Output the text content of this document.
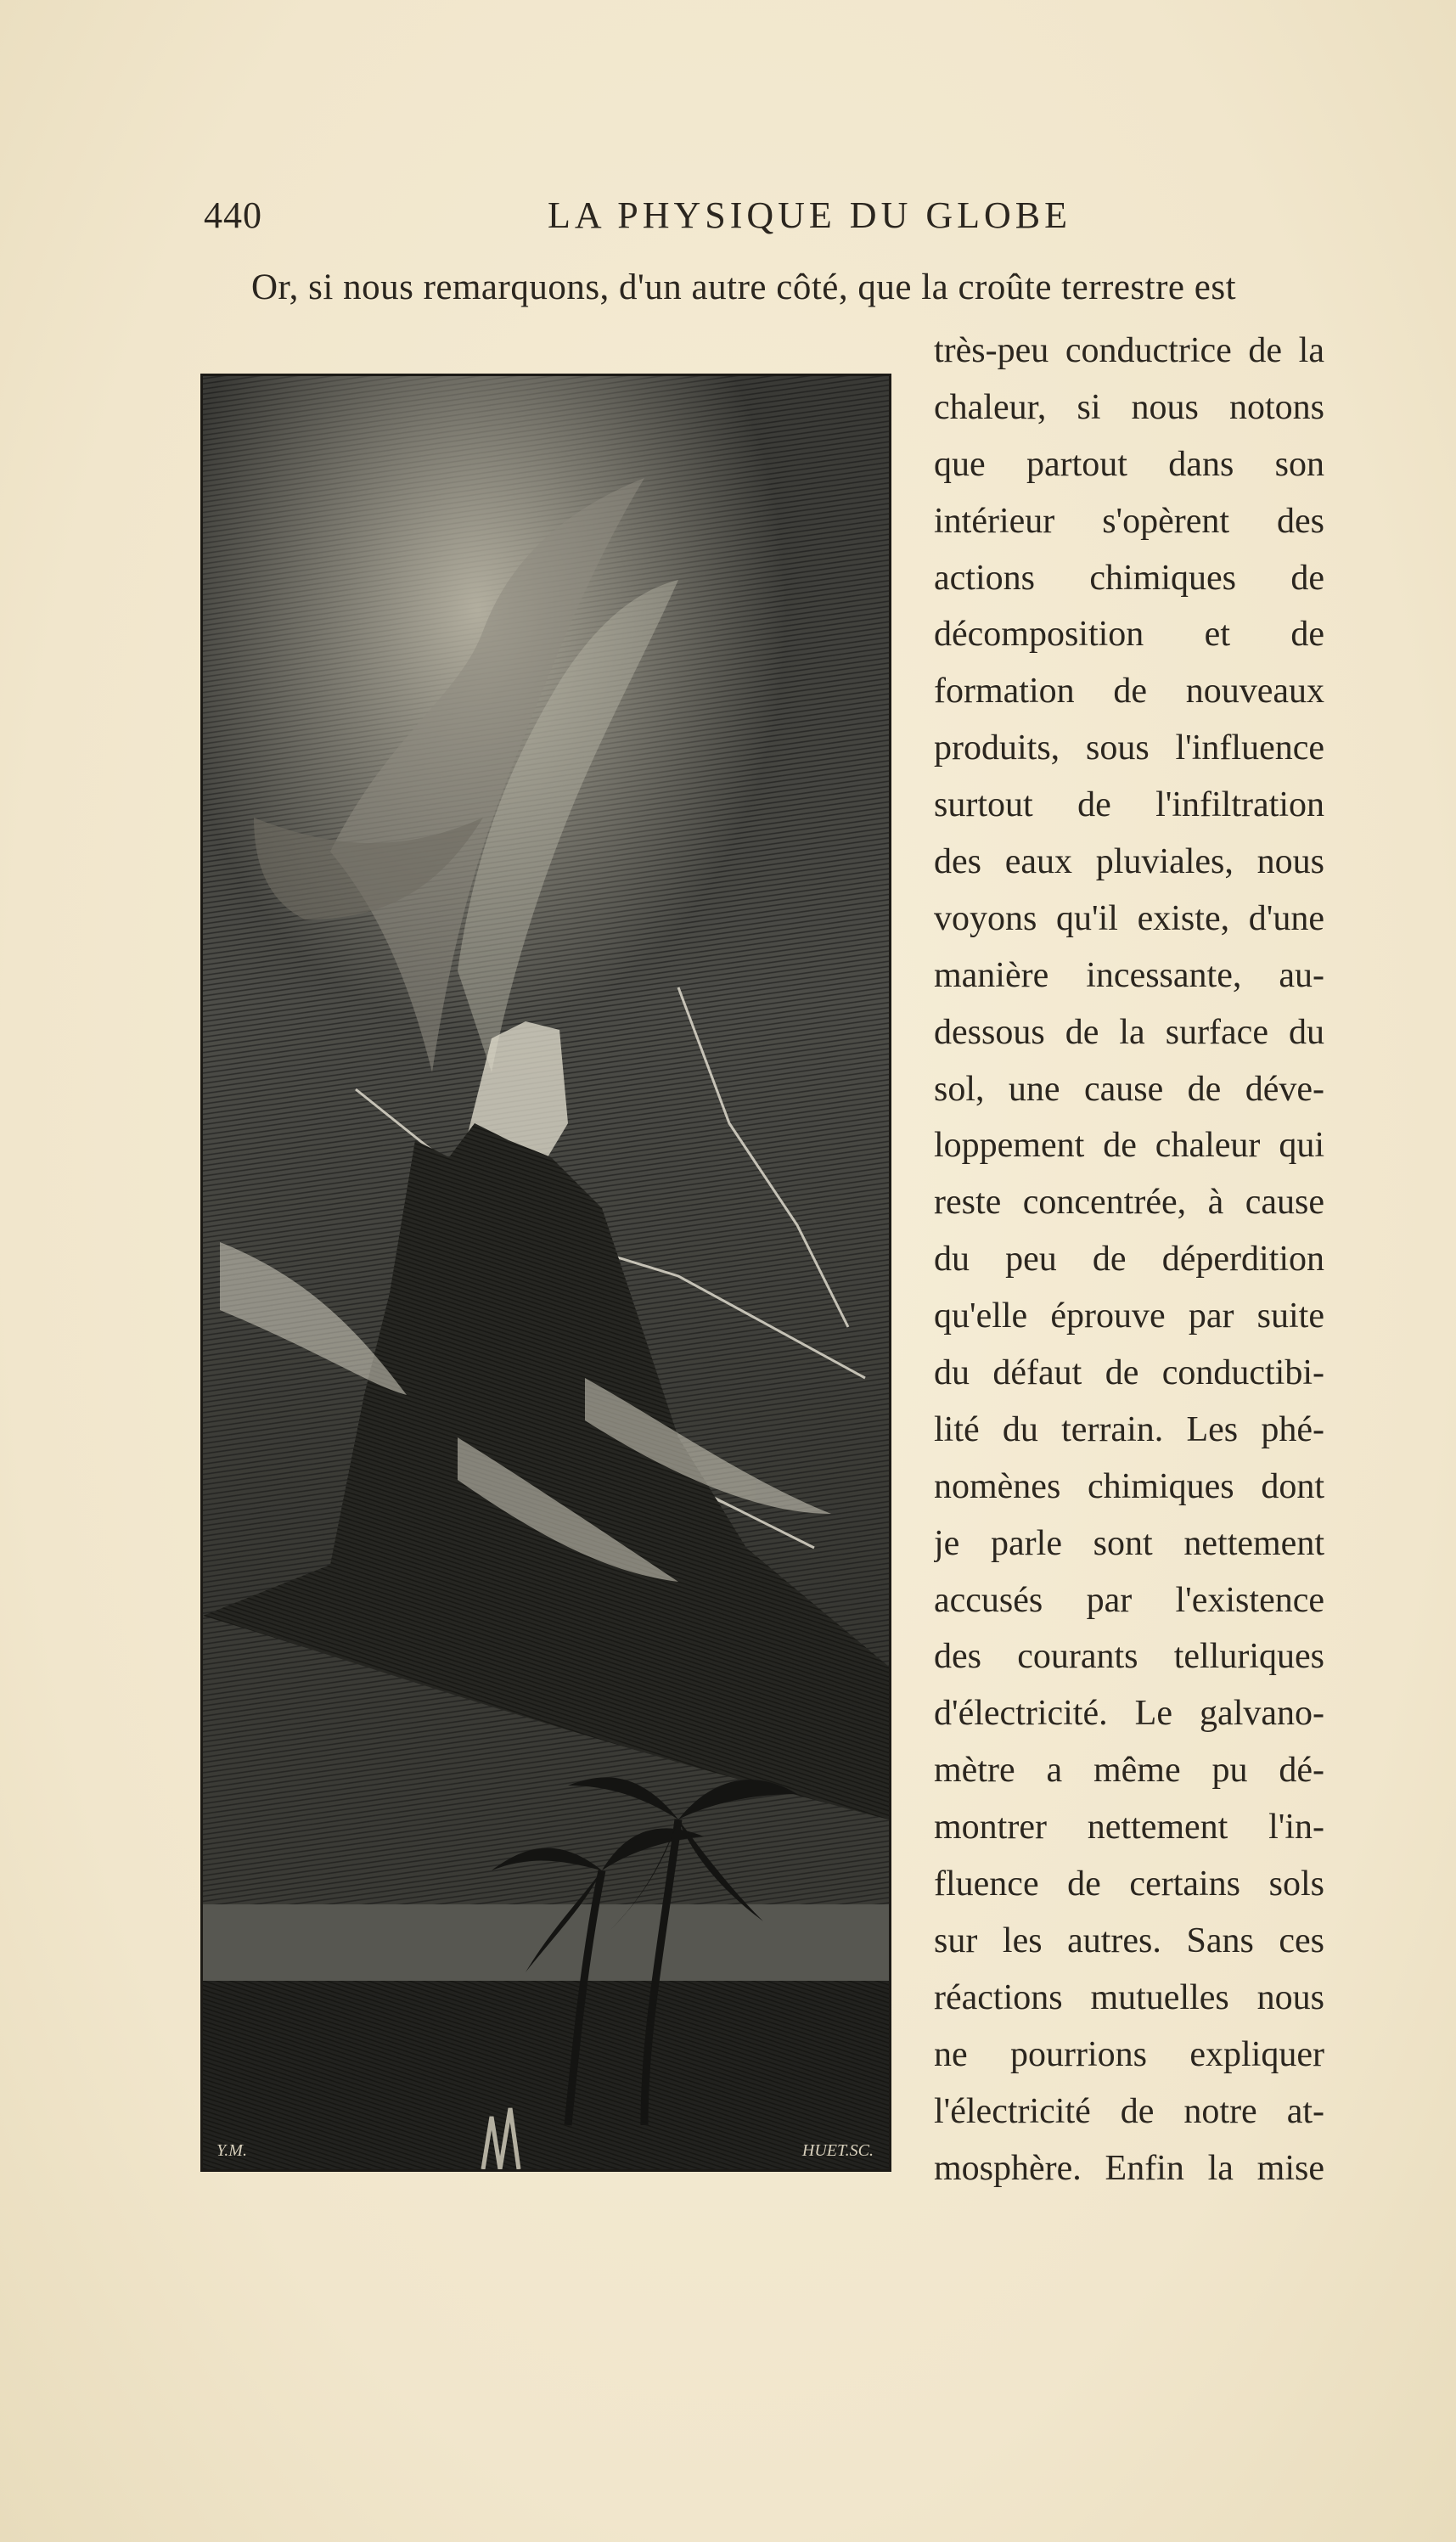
440	LA PHYSIQUE DU GLOBE
Or, si nous remarquons, d'un autre côté, que la croûte terrestre est
Y.M.	HUET.SC.
très-peu conductrice de la
chaleur, si nous notons
que partout dans son
intérieur s'opèrent des
actions chimiques de
décomposition et de
formation de nouveaux
produits, sous l'influence
surtout de l'infiltration
des eaux pluviales, nous
voyons qu'il existe, d'une
manière incessante, au-
dessous de la surface du
sol, une cause de déve-
loppement de chaleur qui
reste concentrée, à cause
du peu de déperdition
qu'elle éprouve par suite
du défaut de conductibi-
lité du terrain. Les phé-
nomènes chimiques dont
je parle sont nettement
accusés par l'existence
des courants telluriques
d'électricité. Le galvano-
mètre a même pu dé-
montrer nettement l'in-
fluence de certains sols
sur les autres. Sans ces
réactions mutuelles nous
ne pourrions expliquer
l'électricité de notre at-
mosphère. Enfin la mise
